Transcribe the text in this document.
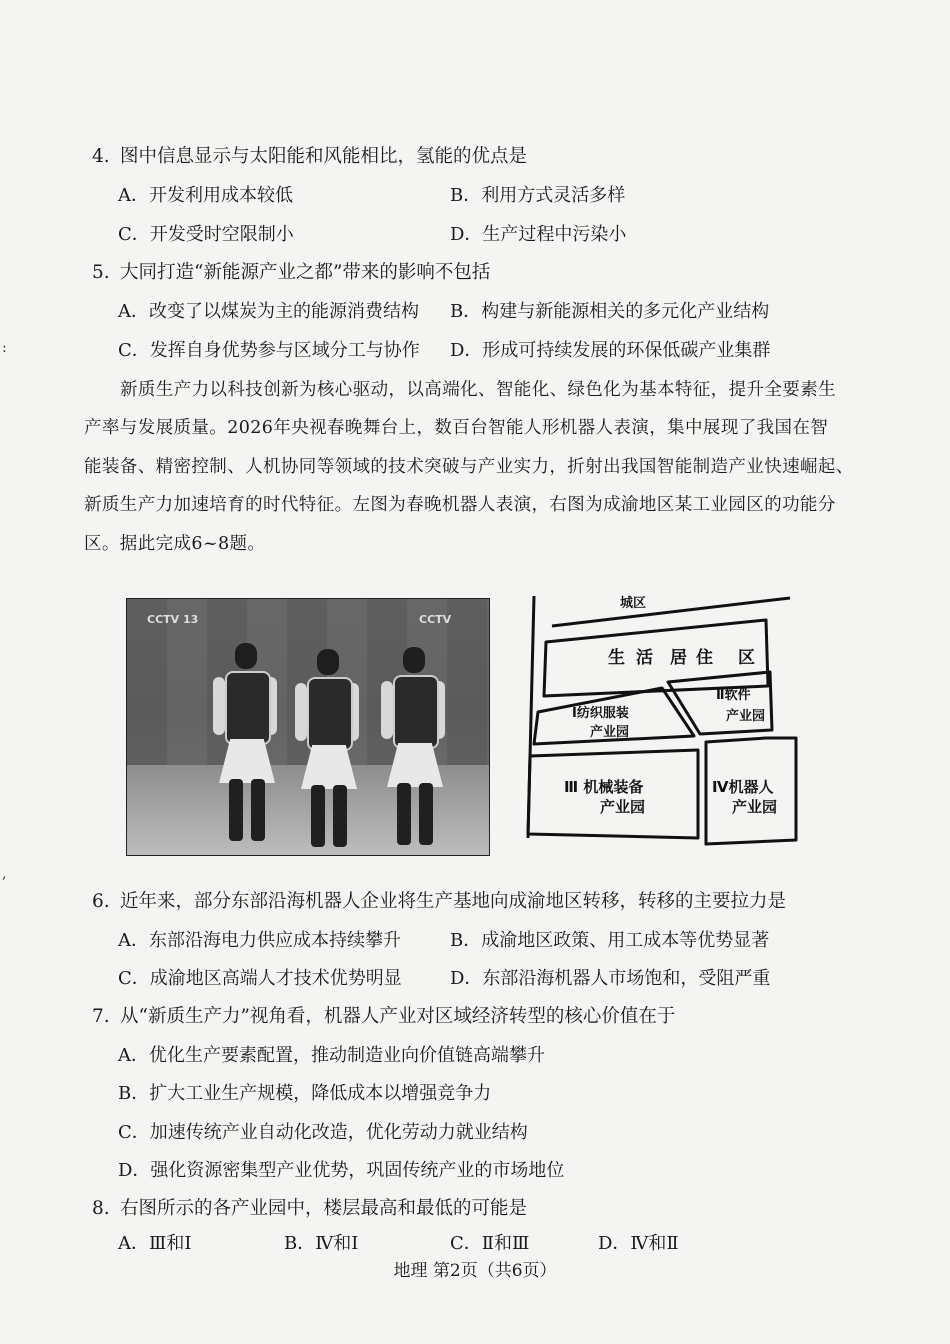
:
,
4. 图中信息显示与太阳能和风能相比，氢能的优点是
A．开发利用成本较低	B．利用方式灵活多样
C．开发受时空限制小	D．生产过程中污染小
5. 大同打造“新能源产业之都”带来的影响不包括
A．改变了以煤炭为主的能源消费结构 B．构建与新能源相关的多元化产业结构
C．发挥自身优势参与区域分工与协作 D．形成可持续发展的环保低碳产业集群
新质生产力以科技创新为核心驱动，以高端化、智能化、绿色化为基本特征，提升全要素生
产率与发展质量。2026年央视春晚舞台上，数百台智能人形机器人表演，集中展现了我国在智
能装备、精密控制、人机协同等领域的技术突破与产业实力，折射出我国智能制造产业快速崛起、
新质生产力加速培育的时代特征。左图为春晚机器人表演，右图为成渝地区某工业园区的功能分
区。据此完成6~8题。
CCTV 13	CCTV
城区
生 活 居 住 区
Ⅰ纺织服装
产业园
Ⅱ软件
产业园
Ⅲ 机械装备
产业园
Ⅳ机器人
产业园
6. 近年来，部分东部沿海机器人企业将生产基地向成渝地区转移，转移的主要拉力是
A．东部沿海电力供应成本持续攀升	B．成渝地区政策、用工成本等优势显著
C．成渝地区高端人才技术优势明显	D．东部沿海机器人市场饱和，受阻严重
7. 从“新质生产力”视角看，机器人产业对区域经济转型的核心价值在于
A．优化生产要素配置，推动制造业向价值链高端攀升
B．扩大工业生产规模，降低成本以增强竞争力
C．加速传统产业自动化改造，优化劳动力就业结构
D．强化资源密集型产业优势，巩固传统产业的市场地位
8. 右图所示的各产业园中，楼层最高和最低的可能是
A．Ⅲ和Ⅰ	B．Ⅳ和Ⅰ	C．Ⅱ和Ⅲ	D．Ⅳ和Ⅱ
地理 第2页（共6页）
